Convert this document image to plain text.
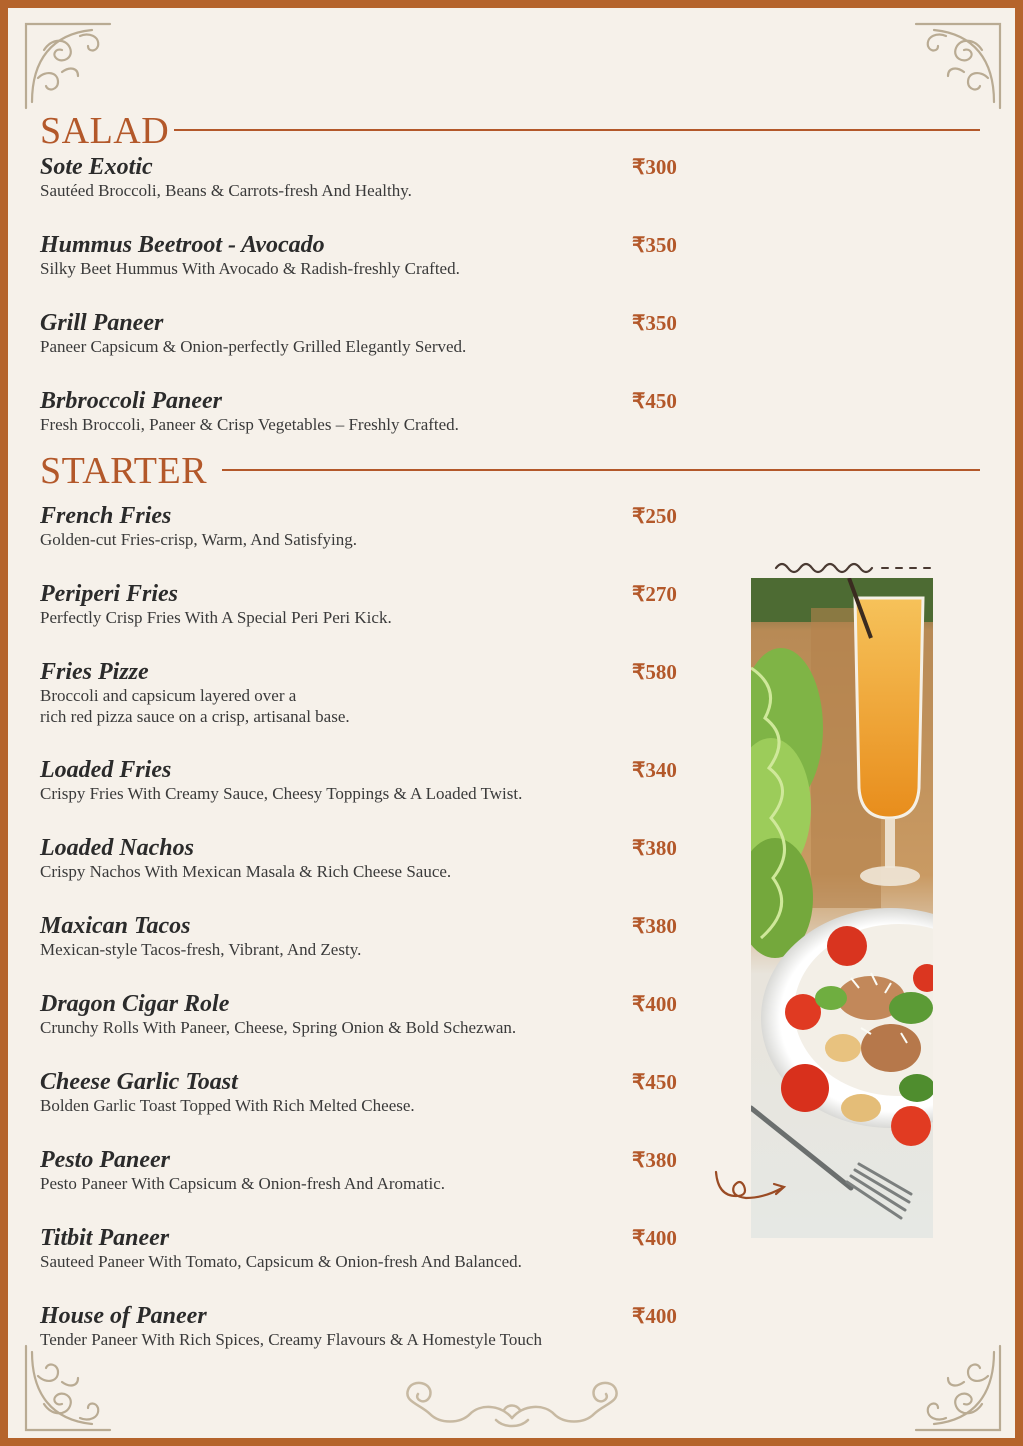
SALAD
Sote Exotic
Sautéed Broccoli, Beans & Carrots-fresh And Healthy.
₹300
Hummus Beetroot - Avocado
Silky Beet Hummus With Avocado & Radish-freshly Crafted.
₹350
Grill Paneer
Paneer Capsicum & Onion-perfectly Grilled Elegantly Served.
₹350
Brbroccoli Paneer
Fresh Broccoli, Paneer & Crisp Vegetables – Freshly Crafted.
₹450
STARTER
French Fries
Golden-cut Fries-crisp, Warm, And Satisfying.
₹250
Periperi Fries
Perfectly Crisp Fries With A Special Peri Peri Kick.
₹270
Fries Pizze
Broccoli and capsicum layered over a
rich red pizza sauce on a crisp, artisanal base.
₹580
Loaded Fries
Crispy Fries With Creamy Sauce, Cheesy Toppings & A Loaded Twist.
₹340
Loaded Nachos
Crispy Nachos With Mexican Masala & Rich Cheese Sauce.
₹380
Maxican Tacos
Mexican-style Tacos-fresh, Vibrant, And Zesty.
₹380
Dragon Cigar Role
Crunchy Rolls With Paneer, Cheese, Spring Onion & Bold Schezwan.
₹400
Cheese Garlic Toast
Bolden Garlic Toast Topped With Rich Melted Cheese.
₹450
Pesto Paneer
Pesto Paneer With Capsicum & Onion-fresh And Aromatic.
₹380
Titbit Paneer
Sauteed Paneer With Tomato, Capsicum & Onion-fresh And Balanced.
₹400
House of Paneer
Tender Paneer With Rich Spices, Creamy Flavours & A Homestyle Touch
₹400
